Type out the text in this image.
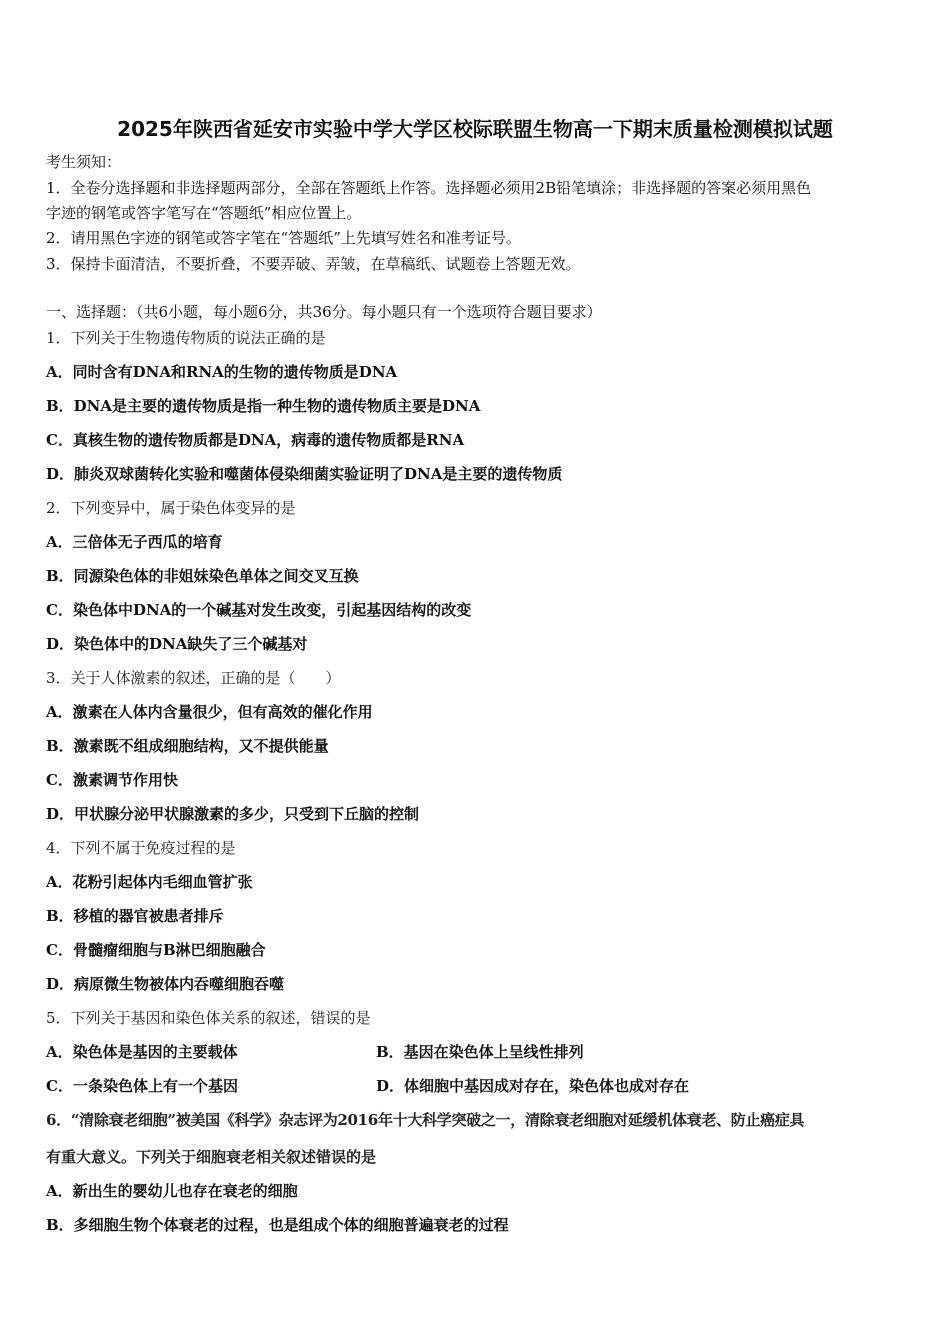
2025年陕西省延安市实验中学大学区校际联盟生物高一下期末质量检测模拟试题
考生须知：
1．全卷分选择题和非选择题两部分，全部在答题纸上作答。选择题必须用2B铅笔填涂；非选择题的答案必须用黑色
字迹的钢笔或答字笔写在“答题纸”相应位置上。
2．请用黑色字迹的钢笔或答字笔在“答题纸”上先填写姓名和准考证号。
3．保持卡面清洁，不要折叠，不要弄破、弄皱，在草稿纸、试题卷上答题无效。
一、选择题：（共6小题，每小题6分，共36分。每小题只有一个选项符合题目要求）
1．下列关于生物遗传物质的说法正确的是
A．同时含有DNA和RNA的生物的遗传物质是DNA
B．DNA是主要的遗传物质是指一种生物的遗传物质主要是DNA
C．真核生物的遗传物质都是DNA，病毒的遗传物质都是RNA
D．肺炎双球菌转化实验和噬菌体侵染细菌实验证明了DNA是主要的遗传物质
2．下列变异中，属于染色体变异的是
A．三倍体无子西瓜的培育
B．同源染色体的非姐妹染色单体之间交叉互换
C．染色体中DNA的一个碱基对发生改变，引起基因结构的改变
D．染色体中的DNA缺失了三个碱基对
3．关于人体激素的叙述，正确的是（　　）
A．激素在人体内含量很少，但有高效的催化作用
B．激素既不组成细胞结构，又不提供能量
C．激素调节作用快
D．甲状腺分泌甲状腺激素的多少，只受到下丘脑的控制
4．下列不属于免疫过程的是
A．花粉引起体内毛细血管扩张
B．移植的器官被患者排斥
C．骨髓瘤细胞与B淋巴细胞融合
D．病原微生物被体内吞噬细胞吞噬
5．下列关于基因和染色体关系的叙述，错误的是
A．染色体是基因的主要载体	B．基因在染色体上呈线性排列
C．一条染色体上有一个基因	D．体细胞中基因成对存在，染色体也成对存在
6．“清除衰老细胞”被美国《科学》杂志评为2016年十大科学突破之一，清除衰老细胞对延缓机体衰老、防止癌症具
有重大意义。下列关于细胞衰老相关叙述错误的是
A．新出生的婴幼儿也存在衰老的细胞
B．多细胞生物个体衰老的过程，也是组成个体的细胞普遍衰老的过程
